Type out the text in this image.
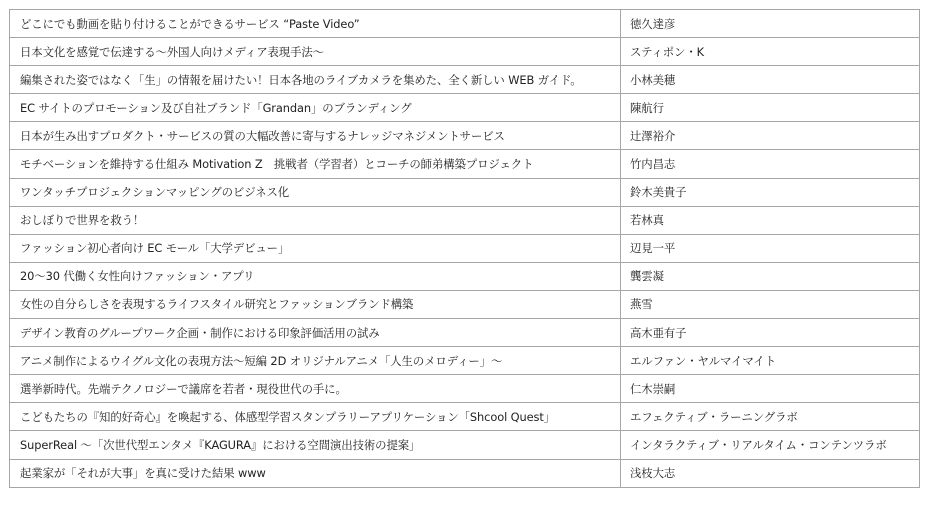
どこにでも動画を貼り付けることができるサービス “Paste Video”	徳久達彦
日本文化を感覚で伝達する～外国人向けメディア表現手法～	スティポン・K
編集された姿ではなく「生」の情報を届けたい！日本各地のライブカメラを集めた、全く新しい WEB ガイド。	小林美穂
EC サイトのプロモーション及び自社ブランド「Grandan」のブランディング	陳航行
日本が生み出すプロダクト・サービスの質の大幅改善に寄与するナレッジマネジメントサービス	辻澤裕介
モチベーションを維持する仕組み Motivation Z　挑戦者（学習者）とコーチの師弟構築プロジェクト	竹内昌志
ワンタッチプロジェクションマッピングのビジネス化	鈴木美貴子
おしぼりで世界を救う！	若林真
ファッション初心者向け EC モール「大学デビュー」	辺見一平
20～30 代働く女性向けファッション・アプリ	龔雲凝
女性の自分らしさを表現するライフスタイル研究とファッションブランド構築	燕雪
デザイン教育のグループワーク企画・制作における印象評価活用の試み	高木亜有子
アニメ制作によるウイグル文化の表現方法～短編 2D オリジナルアニメ「人生のメロディー」～	エルファン・ヤルマイマイト
選挙新時代。先端テクノロジーで議席を若者・現役世代の手に。	仁木崇嗣
こどもたちの『知的好奇心』を喚起する、体感型学習スタンプラリーアプリケーション「Shcool Quest」	エフェクティブ・ラーニングラボ
SuperReal ～「次世代型エンタメ『KAGURA』における空間演出技術の提案」	インタラクティブ・リアルタイム・コンテンツラボ
起業家が「それが大事」を真に受けた結果 www	浅枝大志
